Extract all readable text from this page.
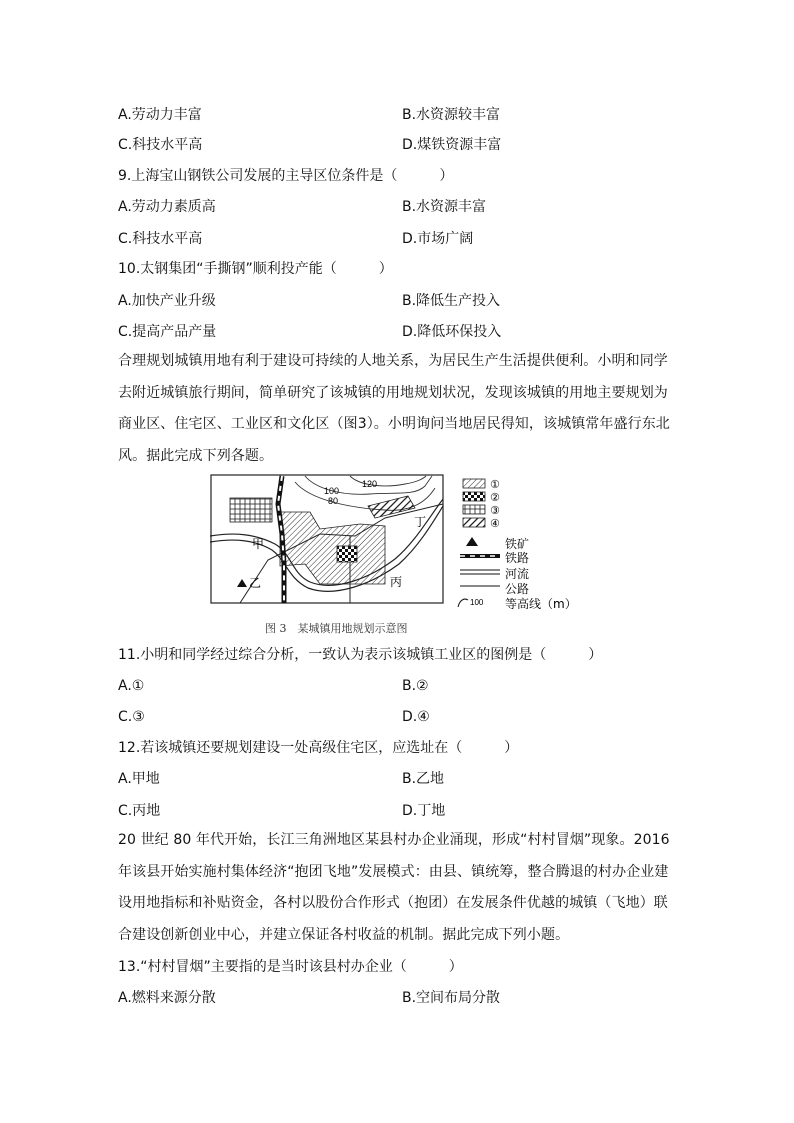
A.劳动力丰富	B.水资源较丰富
C.科技水平高	D.煤铁资源丰富
9.上海宝山钢铁公司发展的主导区位条件是（　　　）
A.劳动力素质高	B.水资源丰富
C.科技水平高	D.市场广阔
10.太钢集团“手撕钢”顺利投产能（　　　）
A.加快产业升级	B.降低生产投入
C.提高产品产量	D.降低环保投入
合理规划城镇用地有利于建设可持续的人地关系，为居民生产生活提供便利。小明和同学去附近城镇旅行期间，简单研究了该城镇的用地规划状况，发现该城镇的用地主要规划为商业区、住宅区、工业区和文化区（图3）。小明询问当地居民得知，该城镇常年盛行东北风。据此完成下列各题。
100
120
80
甲
乙	丙
丁
①
②
③
④
铁矿
铁路
河流
公路
100 等高线（m）
图 3　某城镇用地规划示意图
11.小明和同学经过综合分析，一致认为表示该城镇工业区的图例是（　　　）
A.①	B.②
C.③	D.④
12.若该城镇还要规划建设一处高级住宅区，应选址在（　　　）
A.甲地	B.乙地
C.丙地	D.丁地
20 世纪 80 年代开始，长江三角洲地区某县村办企业涌现，形成“村村冒烟”现象。2016 年该县开始实施村集体经济“抱团飞地”发展模式：由县、镇统筹，整合腾退的村办企业建设用地指标和补贴资金，各村以股份合作形式（抱团）在发展条件优越的城镇（飞地）联合建设创新创业中心，并建立保证各村收益的机制。据此完成下列小题。
13.“村村冒烟”主要指的是当时该县村办企业（　　　）
A.燃料来源分散	B.空间布局分散
